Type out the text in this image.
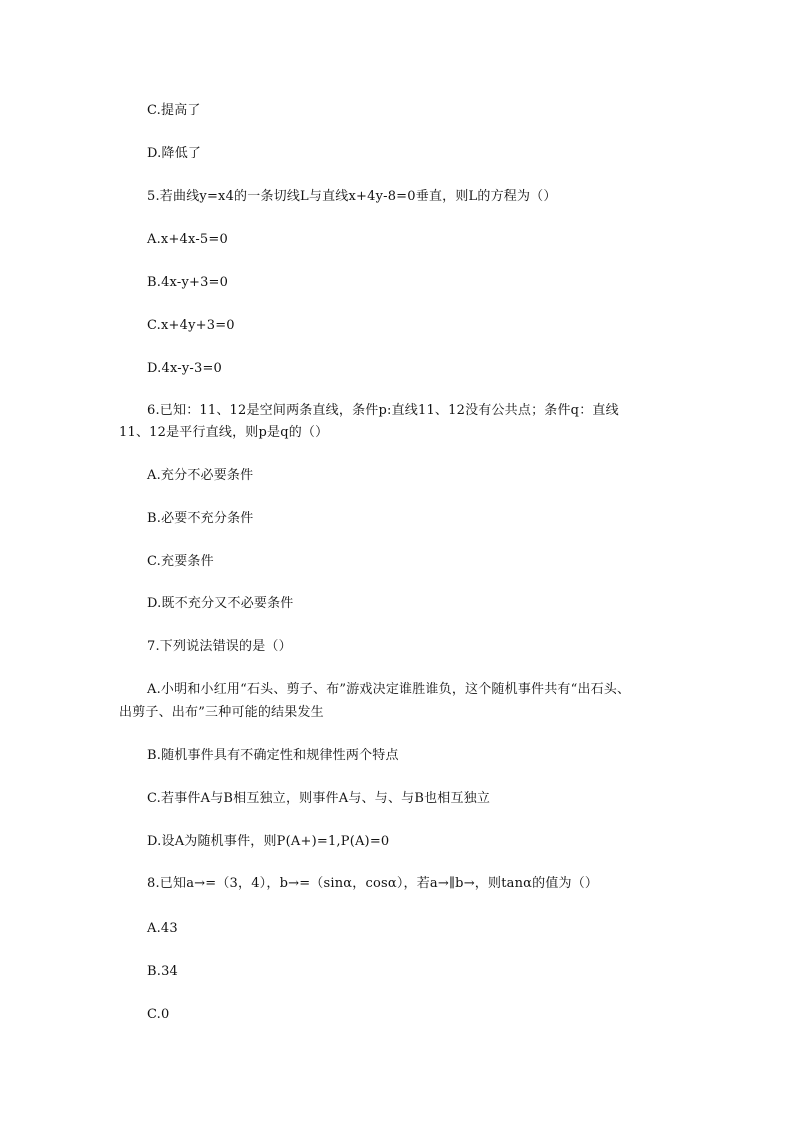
C.提高了
D.降低了
5.若曲线y=x4的一条切线L与直线x+4y-8=0垂直，则L的方程为（）
A.x+4x-5=0
B.4x-y+3=0
C.x+4y+3=0
D.4x-y-3=0
6.已知：11、12是空间两条直线，条件p:直线11、12没有公共点；条件q：直线
11、12是平行直线，则p是q的（）
A.充分不必要条件
B.必要不充分条件
C.充要条件
D.既不充分又不必要条件
7.下列说法错误的是（）
A.小明和小红用“石头、剪子、布”游戏决定谁胜谁负，这个随机事件共有“出石头、
出剪子、出布”三种可能的结果发生
B.随机事件具有不确定性和规律性两个特点
C.若事件A与B相互独立，则事件A与、与、与B也相互独立
D.设A为随机事件，则P(A+)=1,P(A)=0
8.已知a→=（3，4），b→=（sinα，cosα），若a→∥b→，则tanα的值为（）
A.43
B.34
C.0
